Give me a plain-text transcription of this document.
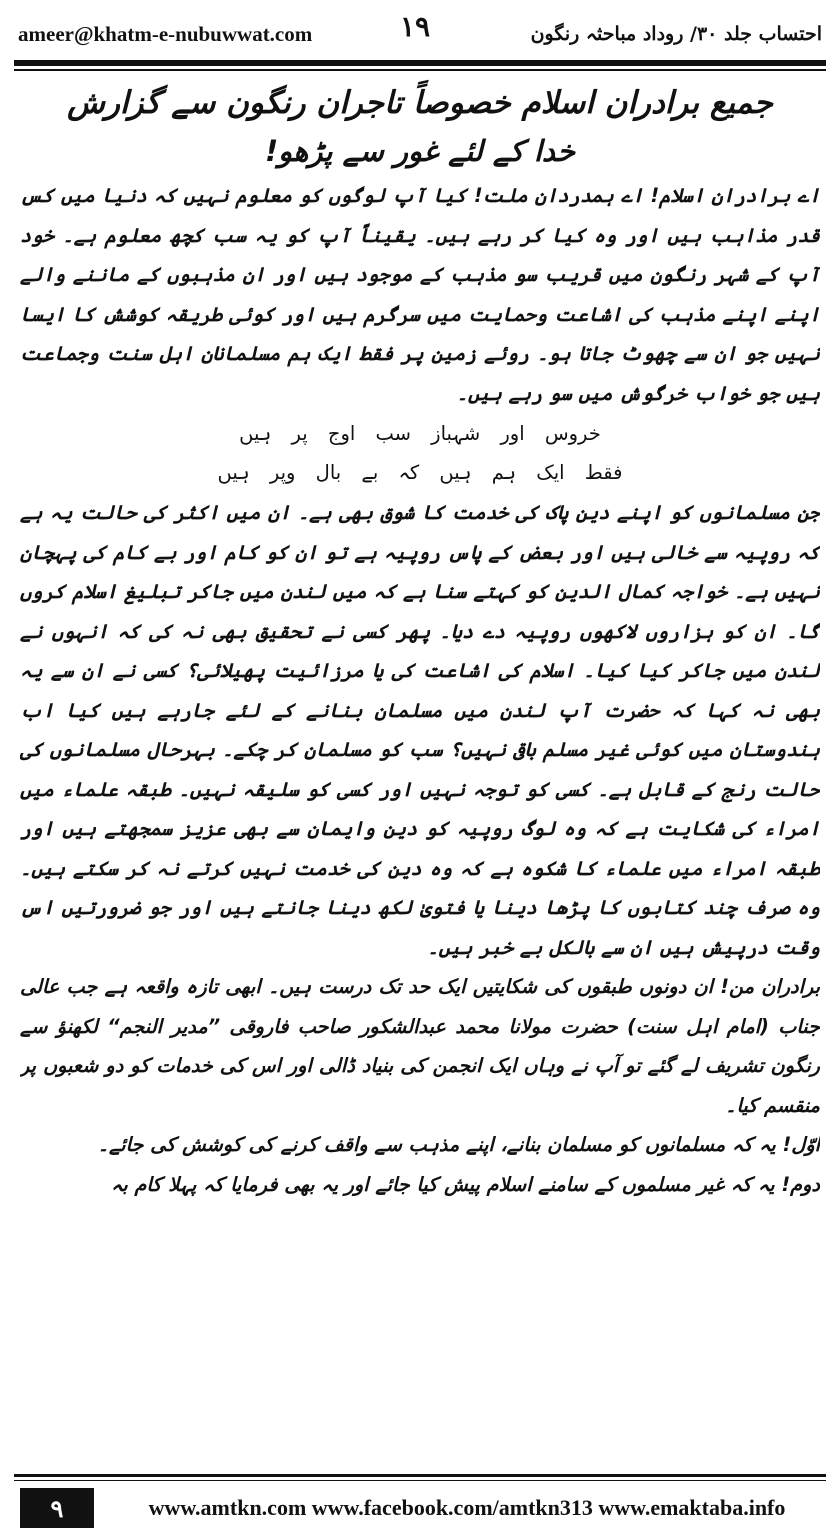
ameer@khatm-e-nubuwwat.com	احتساب جلد ۳۰/ روداد مباحثہ رنگون
۱۹
جمیع برادران اسلام خصوصاً تاجران رنگون سے گزارش
خدا کے لئے غور سے پڑھو!

اے برادران اسلام! اے ہمدردان ملت! کیا آپ لوگوں کو معلوم نہیں کہ دنیا میں کس قدر مذاہب ہیں اور وہ کیا کر رہے ہیں۔ یقیناً آپ کو یہ سب کچھ معلوم ہے۔ خود آپ کے شہر رنگون میں قریب سو مذہب کے موجود ہیں اور ان مذہبوں کے ماننے والے اپنے اپنے مذہب کی اشاعت وحمایت میں سرگرم ہیں اور کوئی طریقہ کوشش کا ایسا نہیں جو ان سے چھوٹ جاتا ہو۔ روئے زمین پر فقط ایک ہم مسلمانان اہل سنت وجماعت ہیں جو خواب خرگوش میں سو رہے ہیں۔

خروس اور شہباز سب اوج پر ہیں
فقط ایک ہم ہیں کہ بے بال وپر ہیں

جن مسلمانوں کو اپنے دین پاک کی خدمت کا شوق بھی ہے۔ ان میں اکثر کی حالت یہ ہے کہ روپیہ سے خالی ہیں اور بعض کے پاس روپیہ ہے تو ان کو کام اور بے کام کی پہچان نہیں ہے۔ خواجہ کمال الدین کو کہتے سنا ہے کہ میں لندن میں جاکر تبلیغ اسلام کروں گا۔ ان کو ہزاروں لاکھوں روپیہ دے دیا۔ پھر کسی نے تحقیق بھی نہ کی کہ انہوں نے لندن میں جاکر کیا کیا۔ اسلام کی اشاعت کی یا مرزائیت پھیلائی؟ کسی نے ان سے یہ بھی نہ کہا کہ حضرت آپ لندن میں مسلمان بنانے کے لئے جارہے ہیں کیا اب ہندوستان میں کوئی غیر مسلم باقی نہیں؟ سب کو مسلمان کر چکے۔ بہرحال مسلمانوں کی حالت رنج کے قابل ہے۔ کسی کو توجہ نہیں اور کسی کو سلیقہ نہیں۔ طبقہ علماء میں امراء کی شکایت ہے کہ وہ لوگ روپیہ کو دین وایمان سے بھی عزیز سمجھتے ہیں اور طبقہ امراء میں علماء کا شکوہ ہے کہ وہ دین کی خدمت نہیں کرتے نہ کر سکتے ہیں۔ وہ صرف چند کتابوں کا پڑھا دینا یا فتویٰ لکھ دینا جانتے ہیں اور جو ضرورتیں اس وقت درپیش ہیں ان سے بالکل بے خبر ہیں۔

برادران من! ان دونوں طبقوں کی شکایتیں ایک حد تک درست ہیں۔ ابھی تازہ واقعہ ہے جب عالی جناب (امام اہل سنت) حضرت مولانا محمد عبدالشکور صاحب فاروقی ”مدیر النجم“ لکھنؤ سے رنگون تشریف لے گئے تو آپ نے وہاں ایک انجمن کی بنیاد ڈالی اور اس کی خدمات کو دو شعبوں پر منقسم کیا۔

اوّل! یہ کہ مسلمانوں کو مسلمان بنانے، اپنے مذہب سے واقف کرنے کی کوشش کی جائے۔

دوم! یہ کہ غیر مسلموں کے سامنے اسلام پیش کیا جائے اور یہ بھی فرمایا کہ پہلا کام بہ

۹	www.amtkn.com www.facebook.com/amtkn313 www.emaktaba.info
